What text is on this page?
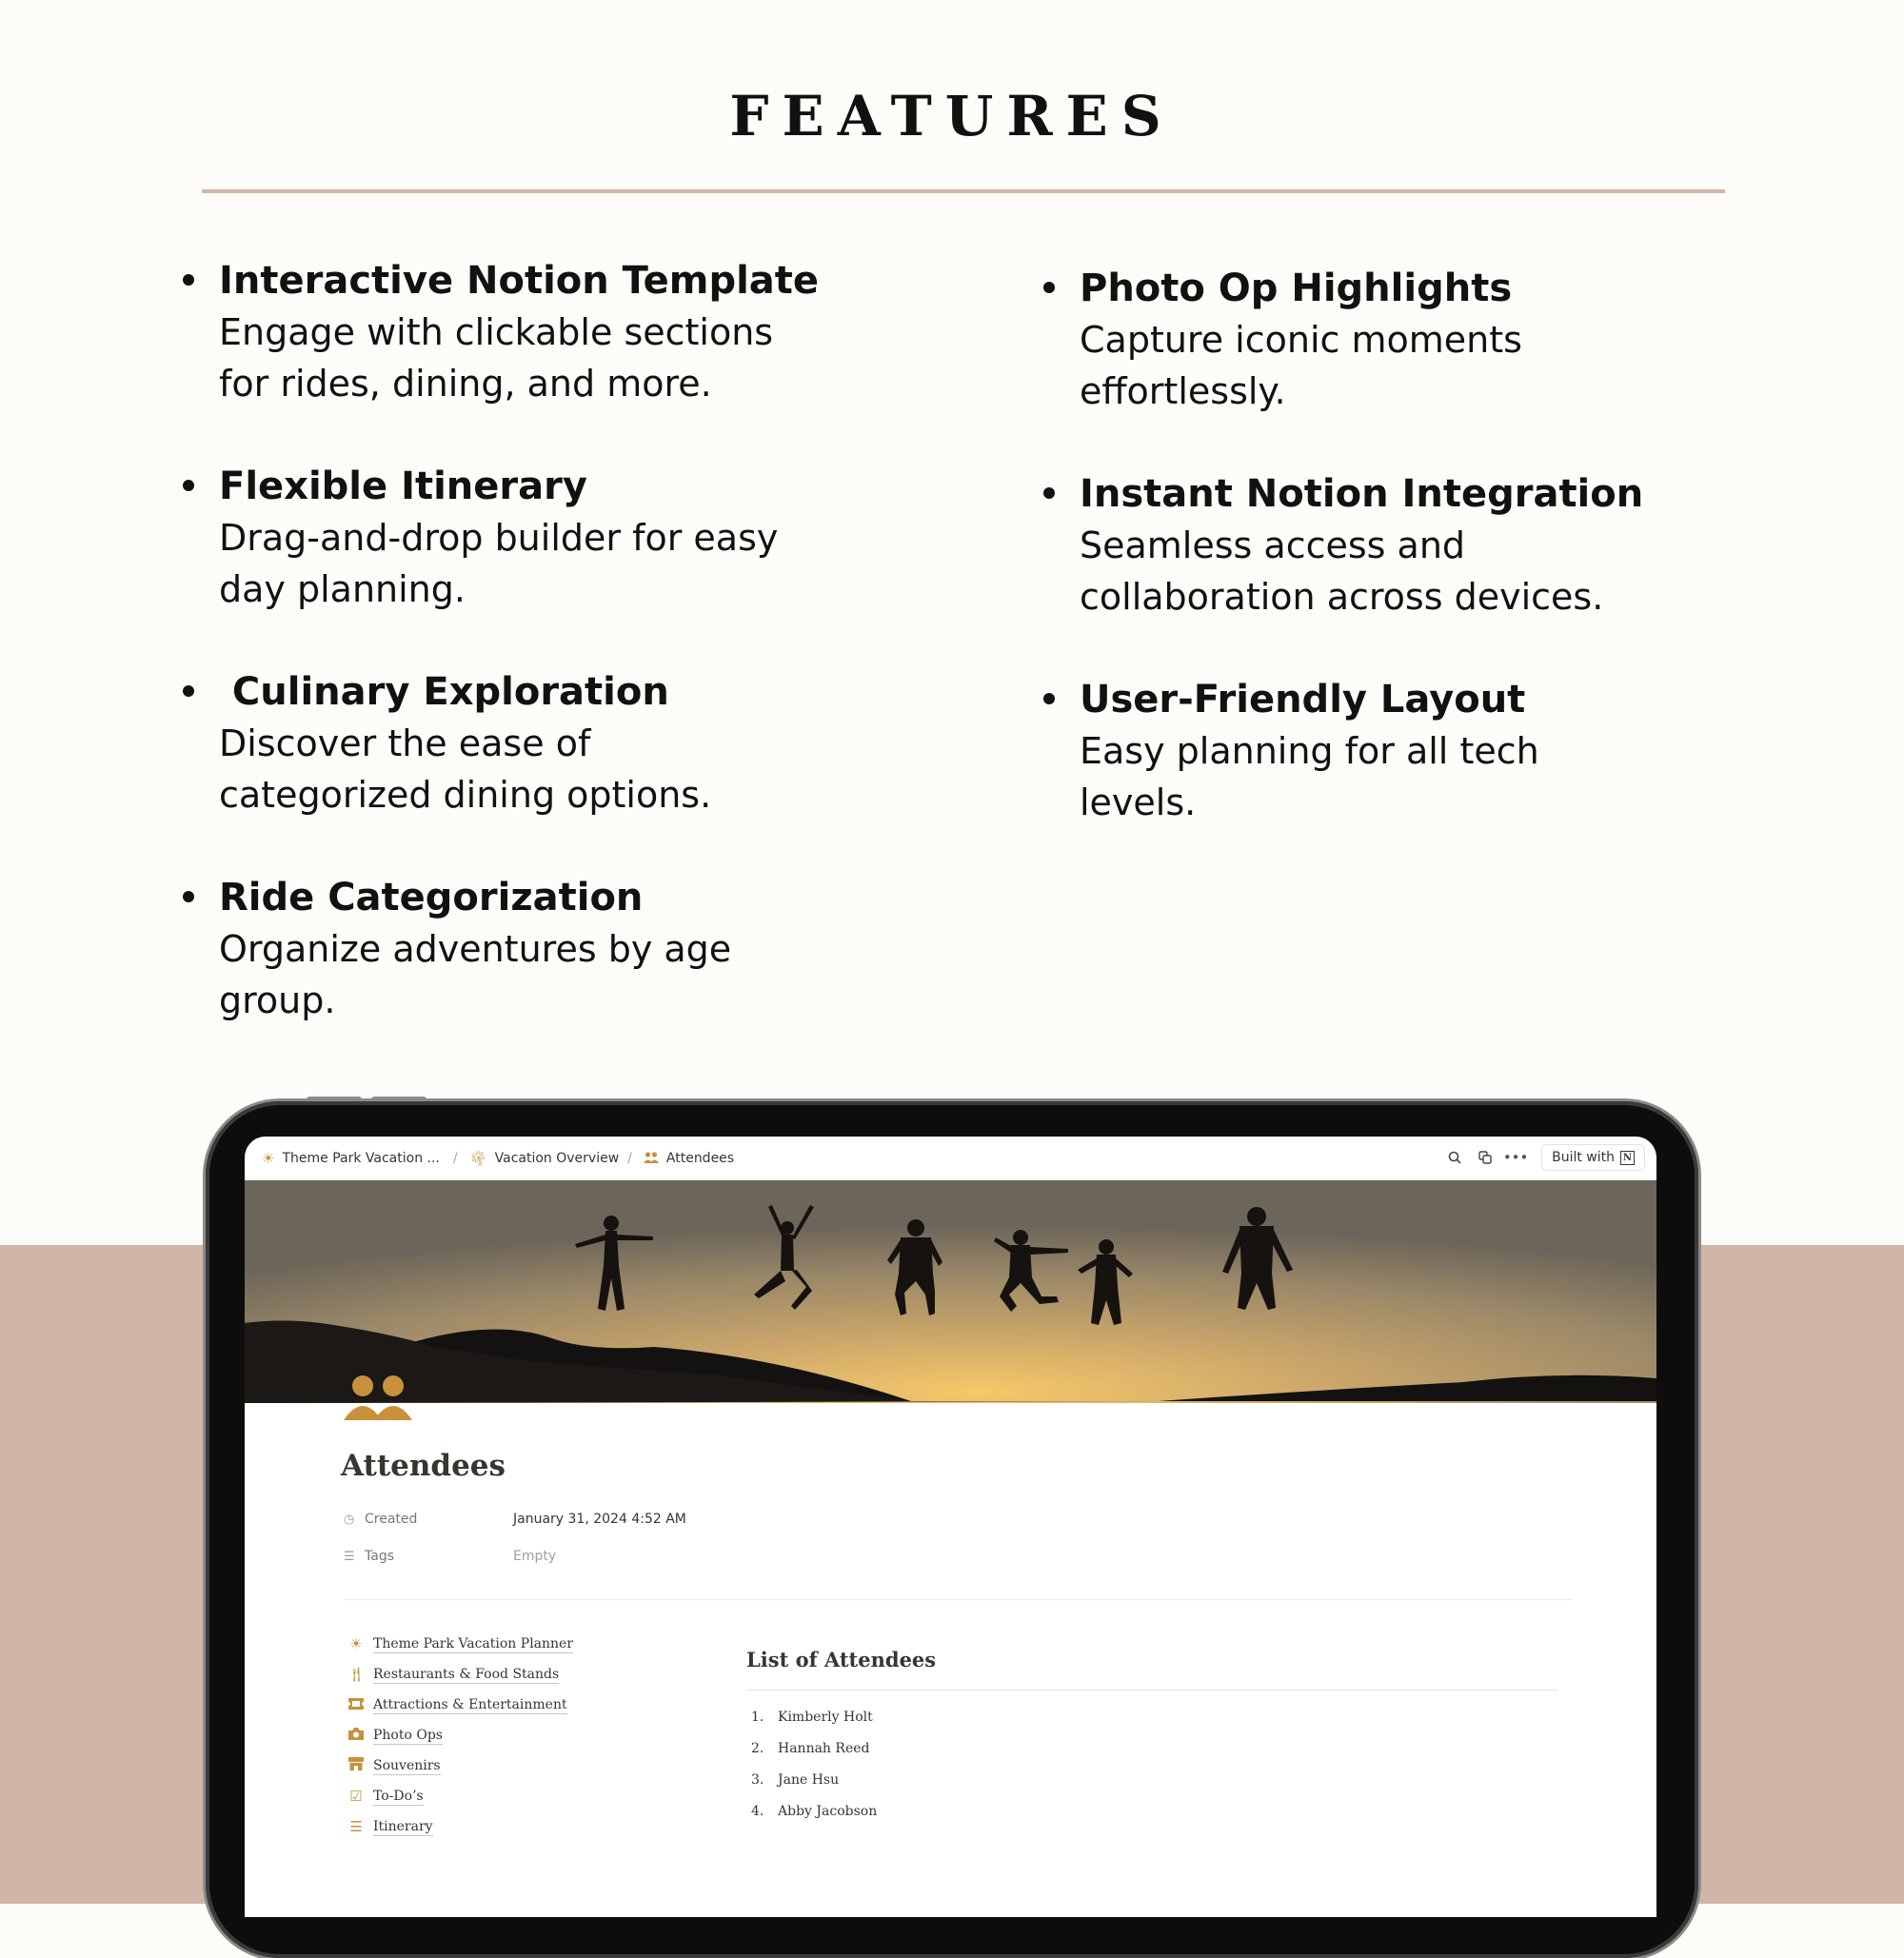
FEATURES
Interactive Notion Template
Engage with clickable sections
for rides, dining, and more.
Flexible Itinerary
Drag-and-drop builder for easy
day planning.
Culinary Exploration
Discover the ease of
categorized dining options.
Ride Categorization
Organize adventures by age
group.
Photo Op Highlights
Capture iconic moments
effortlessly.
Instant Notion Integration
Seamless access and
collaboration across devices.
User-Friendly Layout
Easy planning for all tech
levels.
☀ Theme Park Vacation ... / 🌴︎ Vacation Overview /	Attendees	••• Built with N
Attendees
◷ Created	January 31, 2024 4:52 AM
☰ Tags	Empty
☀ Theme Park Vacation Planner
🍴︎ Restaurants & Food Stands
Attractions & Entertainment
Photo Ops
Souvenirs
☑ To-Do’s
☰ Itinerary
List of Attendees
1.	Kimberly Holt
2.	Hannah Reed
3.	Jane Hsu
4.	Abby Jacobson
